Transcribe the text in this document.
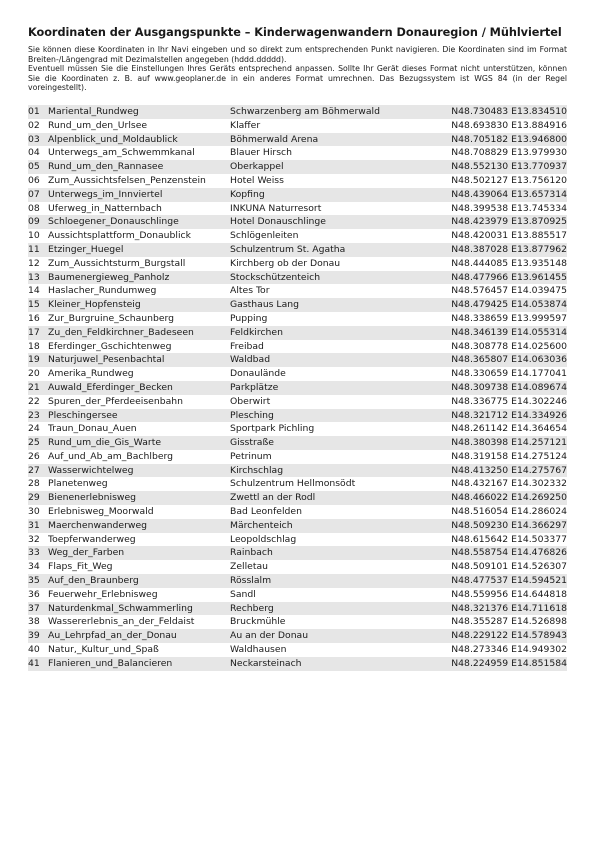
Koordinaten der Ausgangspunkte – Kinderwagenwandern Donauregion / Mühlviertel

Sie können diese Koordinaten in Ihr Navi eingeben und so direkt zum entsprechenden Punkt navigieren. Die Koordinaten sind im Format Breiten-/Längengrad mit Dezimalstellen angegeben (hddd.ddddd).

Eventuell müssen Sie die Einstellungen Ihres Geräts entsprechend anpassen. Sollte Ihr Gerät dieses Format nicht unterstützen, können Sie die Koordinaten z. B. auf www.geoplaner.de in ein anderes Format umrechnen. Das Bezugssystem ist WGS 84 (in der Regel voreingestellt).

01	Mariental_Rundweg	Schwarzenberg am Böhmerwald	N48.730483 E13.834510
02	Rund_um_den_Urlsee	Klaffer	N48.693830 E13.884916
03	Alpenblick_und_Moldaublick	Böhmerwald Arena	N48.705182 E13.946800
04	Unterwegs_am_Schwemmkanal	Blauer Hirsch	N48.708829 E13.979930
05	Rund_um_den_Rannasee	Oberkappel	N48.552130 E13.770937
06	Zum_Aussichtsfelsen_Penzenstein	Hotel Weiss	N48.502127 E13.756120
07	Unterwegs_im_Innviertel	Kopfing	N48.439064 E13.657314
08	Uferweg_in_Natternbach	INKUNA Naturresort	N48.399538 E13.745334
09	Schloegener_Donauschlinge	Hotel Donauschlinge	N48.423979 E13.870925
10	Aussichtsplattform_Donaublick	Schlögenleiten	N48.420031 E13.885517
11	Etzinger_Huegel	Schulzentrum St. Agatha	N48.387028 E13.877962
12	Zum_Aussichtsturm_Burgstall	Kirchberg ob der Donau	N48.444085 E13.935148
13	Baumenergieweg_Panholz	Stockschützenteich	N48.477966 E13.961455
14	Haslacher_Rundumweg	Altes Tor	N48.576457 E14.039475
15	Kleiner_Hopfensteig	Gasthaus Lang	N48.479425 E14.053874
16	Zur_Burgruine_Schaunberg	Pupping	N48.338659 E13.999597
17	Zu_den_Feldkirchner_Badeseen	Feldkirchen	N48.346139 E14.055314
18	Eferdinger_Gschichtenweg	Freibad	N48.308778 E14.025600
19	Naturjuwel_Pesenbachtal	Waldbad	N48.365807 E14.063036
20	Amerika_Rundweg	Donaulände	N48.330659 E14.177041
21	Auwald_Eferdinger_Becken	Parkplätze	N48.309738 E14.089674
22	Spuren_der_Pferdeeisenbahn	Oberwirt	N48.336775 E14.302246
23	Pleschingersee	Plesching	N48.321712 E14.334926
24	Traun_Donau_Auen	Sportpark Pichling	N48.261142 E14.364654
25	Rund_um_die_Gis_Warte	Gisstraße	N48.380398 E14.257121
26	Auf_und_Ab_am_Bachlberg	Petrinum	N48.319158 E14.275124
27	Wasserwichtelweg	Kirchschlag	N48.413250 E14.275767
28	Planetenweg	Schulzentrum Hellmonsödt	N48.432167 E14.302332
29	Bienenerlebnisweg	Zwettl an der Rodl	N48.466022 E14.269250
30	Erlebnisweg_Moorwald	Bad Leonfelden	N48.516054 E14.286024
31	Maerchenwanderweg	Märchenteich	N48.509230 E14.366297
32	Toepferwanderweg	Leopoldschlag	N48.615642 E14.503377
33	Weg_der_Farben	Rainbach	N48.558754 E14.476826
34	Flaps_Fit_Weg	Zelletau	N48.509101 E14.526307
35	Auf_den_Braunberg	Rösslalm	N48.477537 E14.594521
36	Feuerwehr_Erlebnisweg	Sandl	N48.559956 E14.644818
37	Naturdenkmal_Schwammerling	Rechberg	N48.321376 E14.711618
38	Wassererlebnis_an_der_Feldaist	Bruckmühle	N48.355287 E14.526898
39	Au_Lehrpfad_an_der_Donau	Au an der Donau	N48.229122 E14.578943
40	Natur,_Kultur_und_Spaß	Waldhausen	N48.273346 E14.949302
41	Flanieren_und_Balancieren	Neckarsteinach	N48.224959 E14.851584
